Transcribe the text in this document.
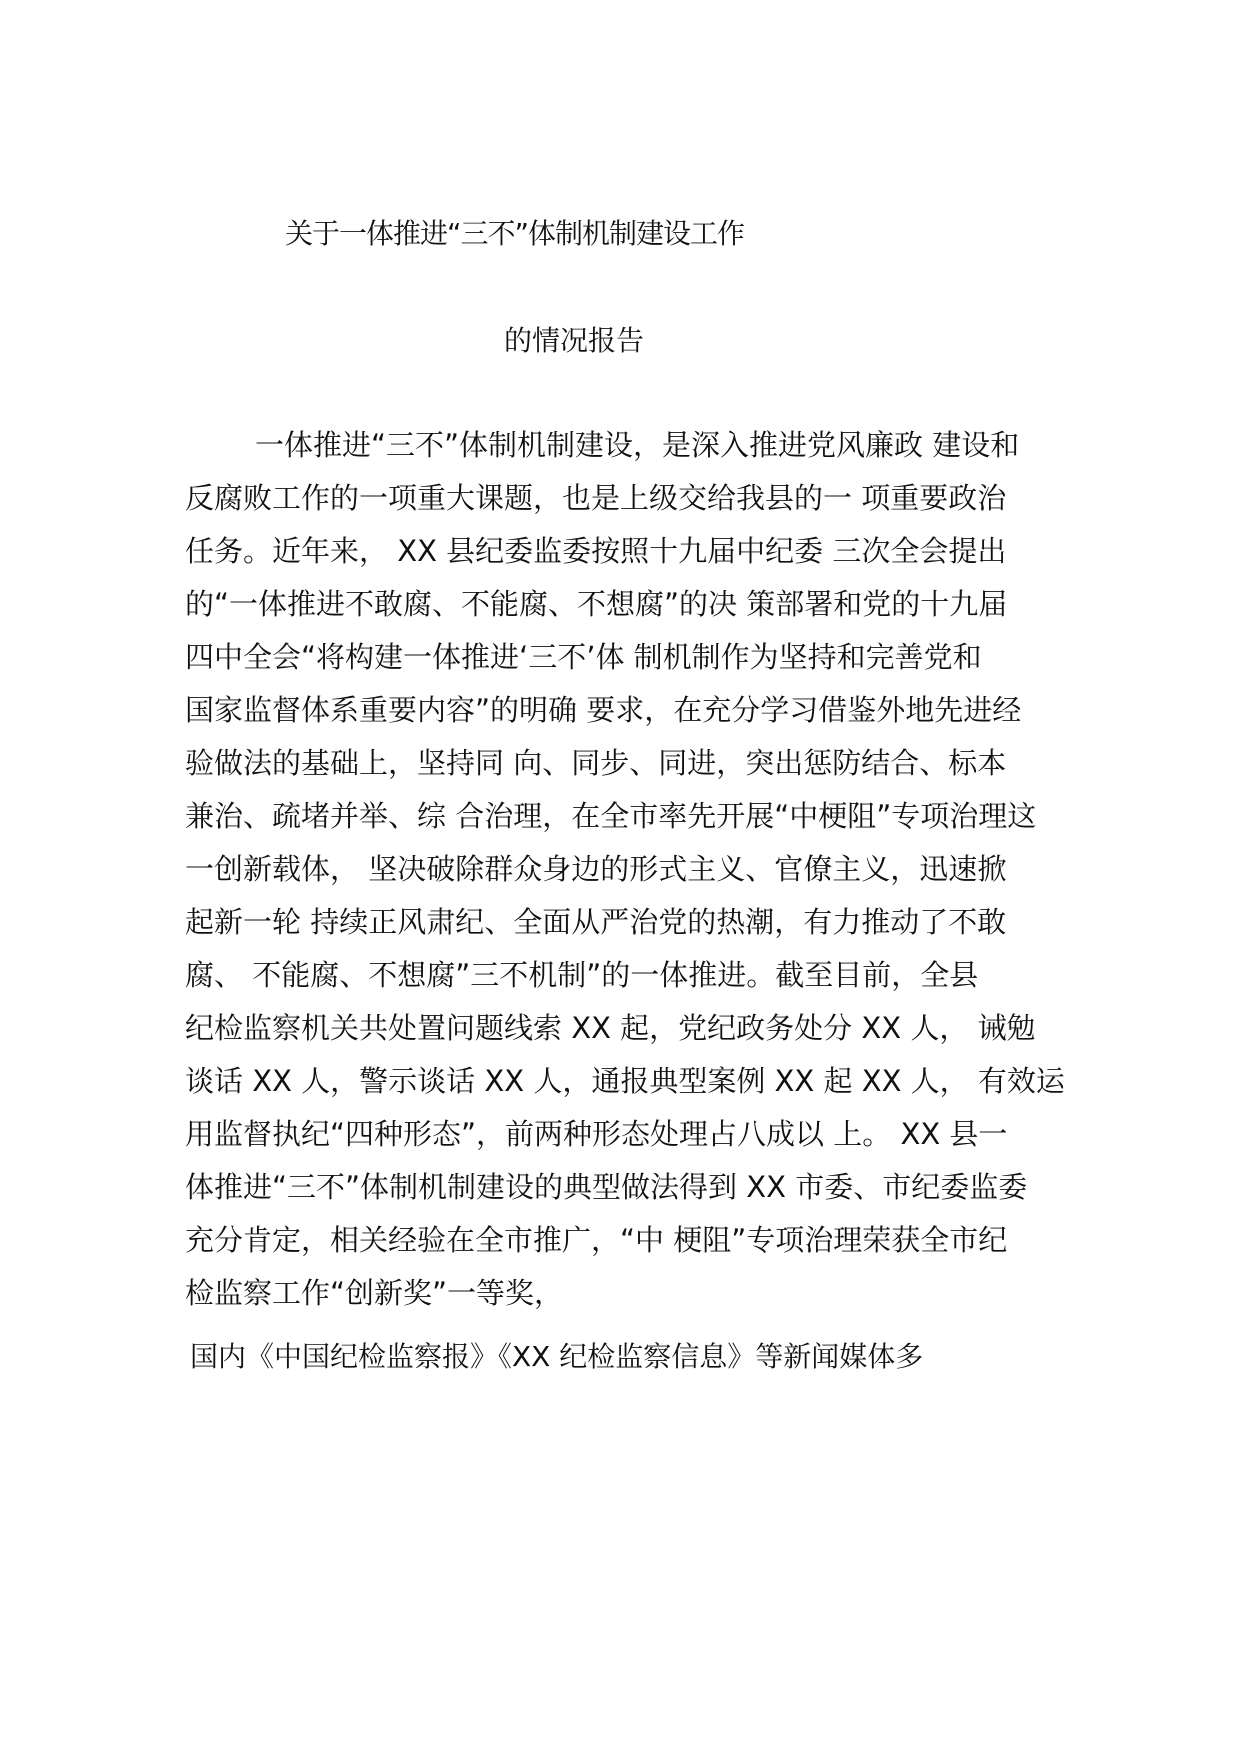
关于一体推进“三不”体制机制建设工作
的情况报告
一体推进“三不”体制机制建设，是深入推进党风廉政 建设和
反腐败工作的一项重大课题，也是上级交给我县的一 项重要政治
任务。近年来， XX 县纪委监委按照十九届中纪委 三次全会提出
的“一体推进不敢腐、不能腐、不想腐”的决 策部署和党的十九届
四中全会“将构建一体推进‘三不’体 制机制作为坚持和完善党和
国家监督体系重要内容”的明确 要求，在充分学习借鉴外地先进经
验做法的基础上，坚持同 向、同步、同进，突出惩防结合、标本
兼治、疏堵并举、综 合治理，在全市率先开展“中梗阻”专项治理这
一创新载体， 坚决破除群众身边的形式主义、官僚主义，迅速掀
起新一轮 持续正风肃纪、全面从严治党的热潮，有力推动了不敢
腐、 不能腐、不想腐”三不机制”的一体推进。截至目前，全县
纪检监察机关共处置问题线索 XX 起，党纪政务处分 XX 人， 诫勉
谈话 XX 人，警示谈话 XX 人，通报典型案例 XX 起 XX 人， 有效运
用监督执纪“四种形态”，前两种形态处理占八成以 上。 XX 县一
体推进“三不”体制机制建设的典型做法得到 XX 市委、市纪委监委
充分肯定，相关经验在全市推广，“中 梗阻”专项治理荣获全市纪
检监察工作“创新奖”一等奖，
国内《中国纪检监察报》《XX 纪检监察信息》等新闻媒体多
